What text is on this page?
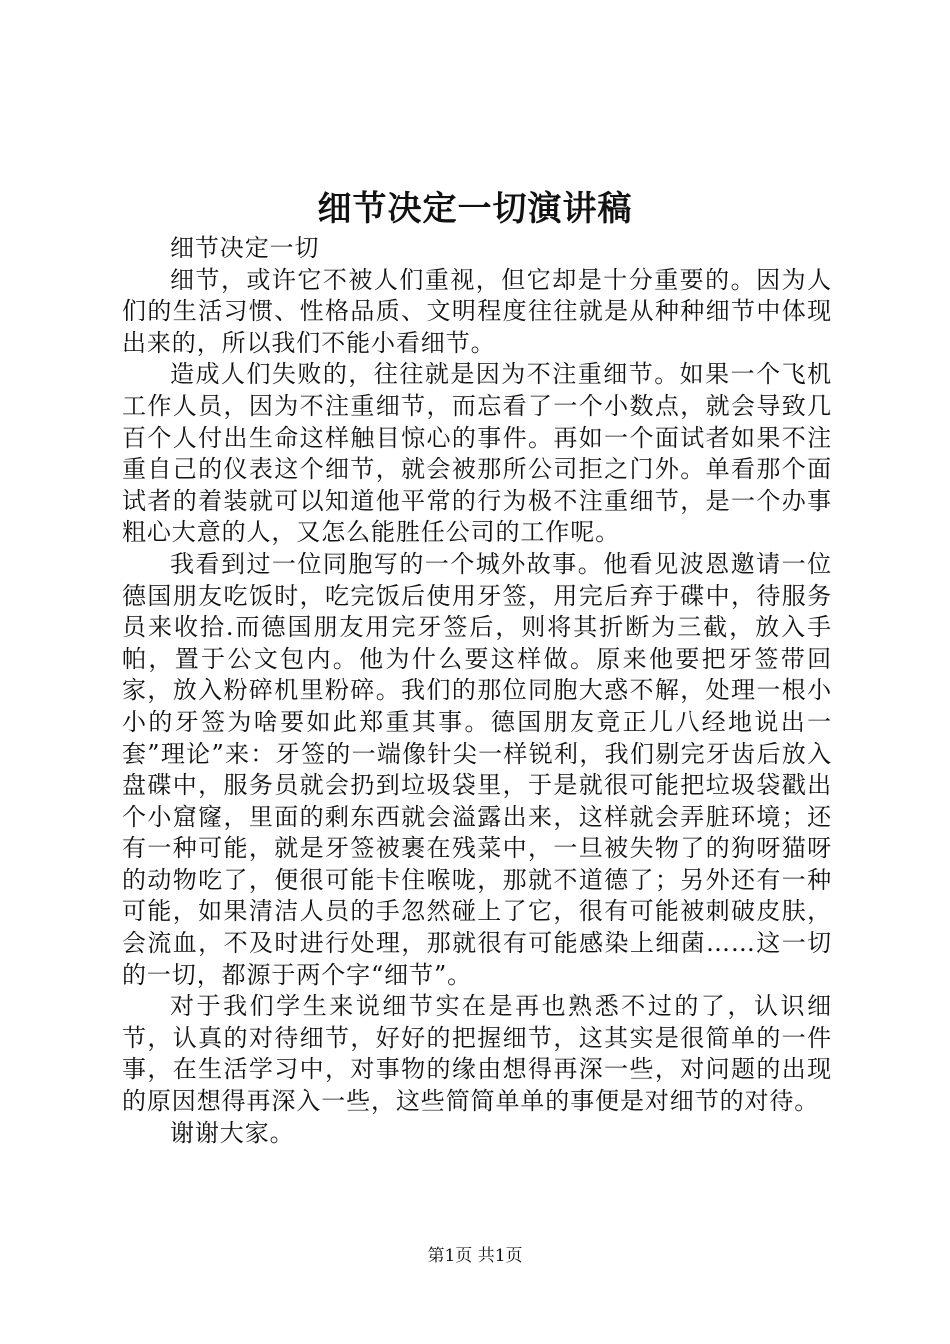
细节决定一切演讲稿

细节决定一切

细节，或许它不被人们重视，但它却是十分重要的。因为人们的生活习惯、性格品质、文明程度往往就是从种种细节中体现出来的，所以我们不能小看细节。

造成人们失败的，往往就是因为不注重细节。如果一个飞机工作人员，因为不注重细节，而忘看了一个小数点，就会导致几百个人付出生命这样触目惊心的事件。再如一个面试者如果不注重自己的仪表这个细节，就会被那所公司拒之门外。单看那个面试者的着装就可以知道他平常的行为极不注重细节，是一个办事粗心大意的人，又怎么能胜任公司的工作呢。

我看到过一位同胞写的一个城外故事。他看见波恩邀请一位德国朋友吃饭时，吃完饭后使用牙签，用完后弃于碟中，待服务员来收拾.而德国朋友用完牙签后，则将其折断为三截，放入手帕，置于公文包内。他为什么要这样做。原来他要把牙签带回家，放入粉碎机里粉碎。我们的那位同胞大惑不解，处理一根小小的牙签为啥要如此郑重其事。德国朋友竟正儿八经地说出一套”理论”来：牙签的一端像针尖一样锐利，我们剔完牙齿后放入盘碟中，服务员就会扔到垃圾袋里，于是就很可能把垃圾袋戳出个小窟窿，里面的剩东西就会溢露出来，这样就会弄脏环境；还有一种可能，就是牙签被裹在残菜中，一旦被失物了的狗呀猫呀的动物吃了，便很可能卡住喉咙，那就不道德了；另外还有一种可能，如果清洁人员的手忽然碰上了它，很有可能被刺破皮肤，会流血，不及时进行处理，那就很有可能感染上细菌……这一切的一切，都源于两个字“细节”。

对于我们学生来说细节实在是再也熟悉不过的了，认识细节，认真的对待细节，好好的把握细节，这其实是很简单的一件事，在生活学习中，对事物的缘由想得再深一些，对问题的出现的原因想得再深入一些，这些简简单单的事便是对细节的对待。

谢谢大家。

第1页 共1页
